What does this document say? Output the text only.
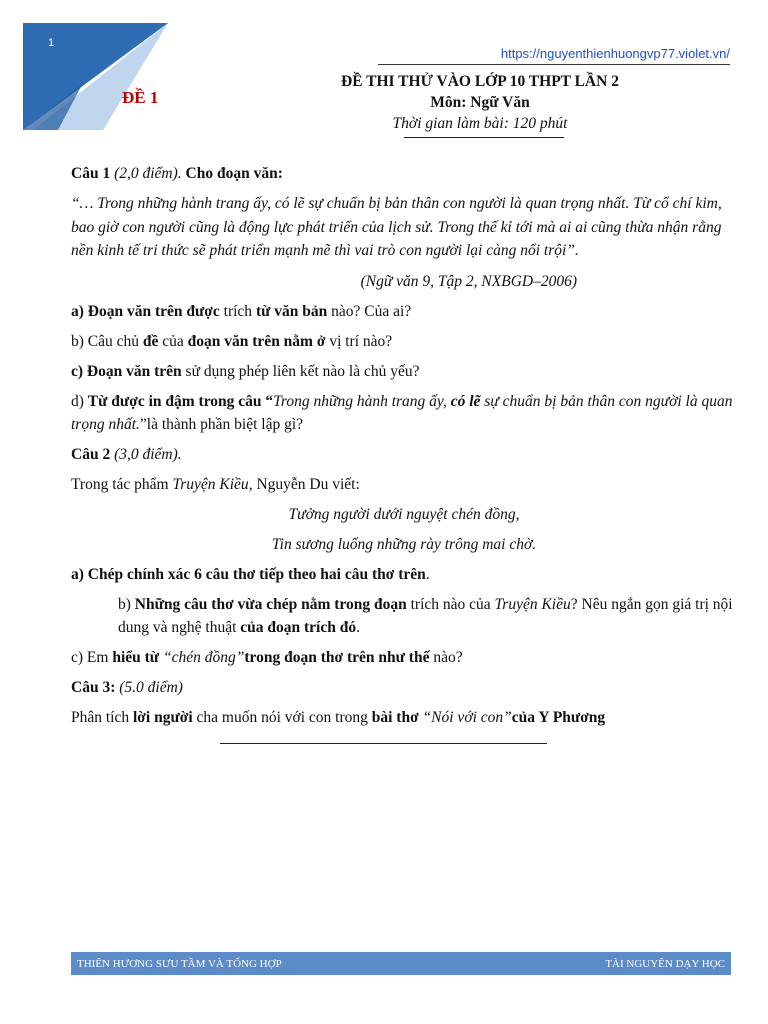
1
ĐỀ 1
https://nguyenthienhuongvp77.violet.vn/
ĐỀ THI THỬ VÀO LỚP 10 THPT LẦN 2
Môn: Ngữ Văn
Thời gian làm bài: 120 phút

Câu 1 (2,0 điểm). Cho đoạn văn:

“… Trong những hành trang ấy, có lẽ sự chuẩn bị bản thân con người là quan trọng nhất. Từ cổ chí kim, bao giờ con người cũng là động lực phát triển của lịch sử. Trong thế kỉ tới mà ai ai cũng thừa nhận rằng nền kinh tế tri thức sẽ phát triển mạnh mẽ thì vai trò con người lại càng nổi trội”.

(Ngữ văn 9, Tập 2, NXBGD–2006)

a) Đoạn văn trên được trích từ văn bản nào? Của ai?

b) Câu chủ đề của đoạn văn trên nằm ở vị trí nào?

c) Đoạn văn trên sử dụng phép liên kết nào là chủ yếu?

d) Từ được in đậm trong câu “Trong những hành trang ấy, có lẽ sự chuẩn bị bản thân con người là quan trọng nhất.”là thành phần biệt lập gì?

Câu 2 (3,0 điểm).

Trong tác phẩm Truyện Kiều, Nguyễn Du viết:

Tưởng người dưới nguyệt chén đồng,

Tin sương luống những rày trông mai chờ.

a) Chép chính xác 6 câu thơ tiếp theo hai câu thơ trên.

b) Những câu thơ vừa chép nằm trong đoạn trích nào của Truyện Kiều? Nêu ngắn gọn giá trị nội dung và nghệ thuật của đoạn trích đó.

c) Em hiểu từ “chén đồng”trong đoạn thơ trên như thế nào?

Câu 3: (5.0 điểm)

Phân tích lời người cha muốn nói với con trong bài thơ “Nói với con”của Y Phương

THIÊN HƯƠNG SƯU TẦM VÀ TỔNG HỢP	TÀI NGUYÊN DẠY HỌC
